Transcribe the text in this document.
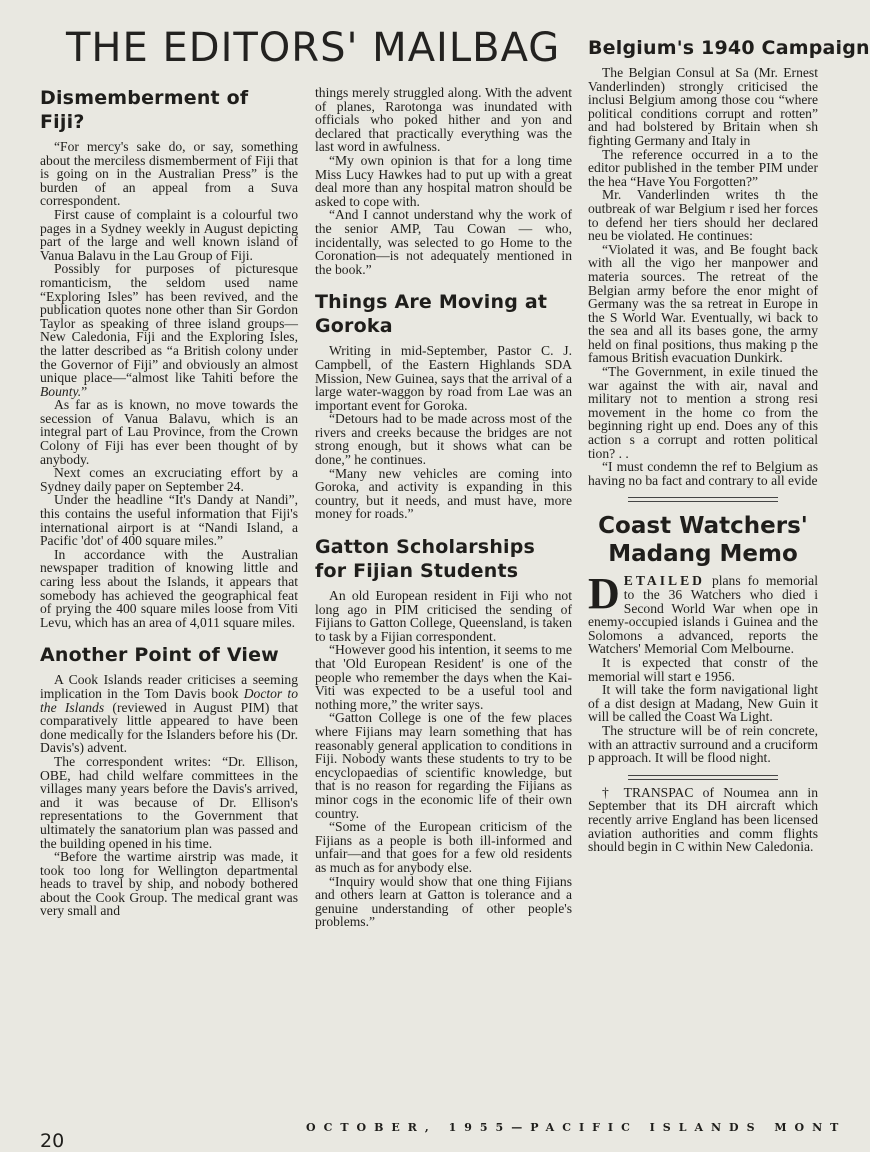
THE EDITORS' MAILBAG
Dismemberment of Fiji?

“For mercy's sake do, or say, something about the merciless dismemberment of Fiji that is going on in the Australian Press” is the burden of an appeal from a Suva correspondent.

First cause of complaint is a colourful two pages in a Sydney weekly in August depicting part of the large and well known island of Vanua Balavu in the Lau Group of Fiji.

Possibly for purposes of picturesque romanticism, the seldom used name “Exploring Isles” has been revived, and the publication quotes none other than Sir Gordon Taylor as speaking of three island groups—New Caledonia, Fiji and the Exploring Isles, the latter described as “a British colony under the Governor of Fiji” and obviously an almost unique place—“almost like Tahiti before the Bounty.”

As far as is known, no move towards the secession of Vanua Balavu, which is an integral part of Lau Province, from the Crown Colony of Fiji has ever been thought of by anybody.

Next comes an excruciating effort by a Sydney daily paper on September 24.

Under the headline “It's Dandy at Nandi”, this contains the useful information that Fiji's international airport is at “Nandi Island, a Pacific 'dot' of 400 square miles.”

In accordance with the Australian newspaper tradition of knowing little and caring less about the Islands, it appears that somebody has achieved the geographical feat of prying the 400 square miles loose from Viti Levu, which has an area of 4,011 square miles.

Another Point of View

A Cook Islands reader criticises a seeming implication in the Tom Davis book Doctor to the Islands (reviewed in August PIM) that comparatively little appeared to have been done medically for the Islanders before his (Dr. Davis's) advent.

The correspondent writes: “Dr. Ellison, OBE, had child welfare committees in the villages many years before the Davis's arrived, and it was because of Dr. Ellison's representations to the Government that ultimately the sanatorium plan was passed and the building opened in his time.

“Before the wartime airstrip was made, it took too long for Wellington departmental heads to travel by ship, and nobody bothered about the Cook Group. The medical grant was very small and

things merely struggled along. With the advent of planes, Rarotonga was inundated with officials who poked hither and yon and declared that practically everything was the last word in awfulness.

“My own opinion is that for a long time Miss Lucy Hawkes had to put up with a great deal more than any hospital matron should be asked to cope with.

“And I cannot understand why the work of the senior AMP, Tau Cowan — who, incidentally, was selected to go Home to the Coronation—is not adequately mentioned in the book.”

Things Are Moving at Goroka

Writing in mid-September, Pastor C. J. Campbell, of the Eastern Highlands SDA Mission, New Guinea, says that the arrival of a large water-waggon by road from Lae was an important event for Goroka.

“Detours had to be made across most of the rivers and creeks because the bridges are not strong enough, but it shows what can be done,” he continues.

“Many new vehicles are coming into Goroka, and activity is expanding in this country, but it needs, and must have, more money for roads.”

Gatton Scholarships for Fijian Students

An old European resident in Fiji who not long ago in PIM criticised the sending of Fijians to Gatton College, Queensland, is taken to task by a Fijian correspondent.

“However good his intention, it seems to me that 'Old European Resident' is one of the people who remember the days when the Kai-Viti was expected to be a useful tool and nothing more,” the writer says.

“Gatton College is one of the few places where Fijians may learn something that has reasonably general application to conditions in Fiji. Nobody wants these students to try to be encyclopaedias of scientific knowledge, but that is no reason for regarding the Fijians as minor cogs in the economic life of their own country.

“Some of the European criticism of the Fijians as a people is both ill-informed and unfair—and that goes for a few old residents as much as for anybody else.

“Inquiry would show that one thing Fijians and others learn at Gatton is tolerance and a genuine understanding of other people's problems.”

Belgium's 1940 Campaign

The Belgian Consul at Sa (Mr. Ernest Vanderlinden) strongly criticised the inclusi Belgium among those cou “where political conditions corrupt and rotten” and had bolstered by Britain when sh fighting Germany and Italy in

The reference occurred in a to the editor published in the tember PIM under the hea “Have You Forgotten?”

Mr. Vanderlinden writes th the outbreak of war Belgium r ised her forces to defend her tiers should her declared neu be violated. He continues:

“Violated it was, and Be fought back with all the vigo her manpower and materia sources. The retreat of the Belgian army before the enor might of Germany was the sa retreat in Europe in the S World War. Eventually, wi back to the sea and all its bases gone, the army held on final positions, thus making p the famous British evacuation Dunkirk.

“The Government, in exile tinued the war against the with air, naval and military not to mention a strong resi movement in the home co from the beginning right up end. Does any of this action s a corrupt and rotten political tion? . .

“I must condemn the ref to Belgium as having no ba fact and contrary to all evide

Coast Watchers'
Madang Memo

DETAILED plans fo memorial to the 36 Watchers who died i Second World War when ope in enemy-occupied islands i Guinea and the Solomons a advanced, reports the Watchers' Memorial Com Melbourne.

It is expected that constr of the memorial will start e 1956.

It will take the form navigational light of a dist design at Madang, New Guin it will be called the Coast Wa Light.

The structure will be of rein concrete, with an attractiv surround and a cruciform p approach. It will be flood night.

† TRANSPAC of Noumea ann in September that its DH aircraft which recently arrive England has been licensed aviation authorities and comm flights should begin in C within New Caledonia.

20
OCTOBER, 1955—PACIFIC ISLANDS MONT
